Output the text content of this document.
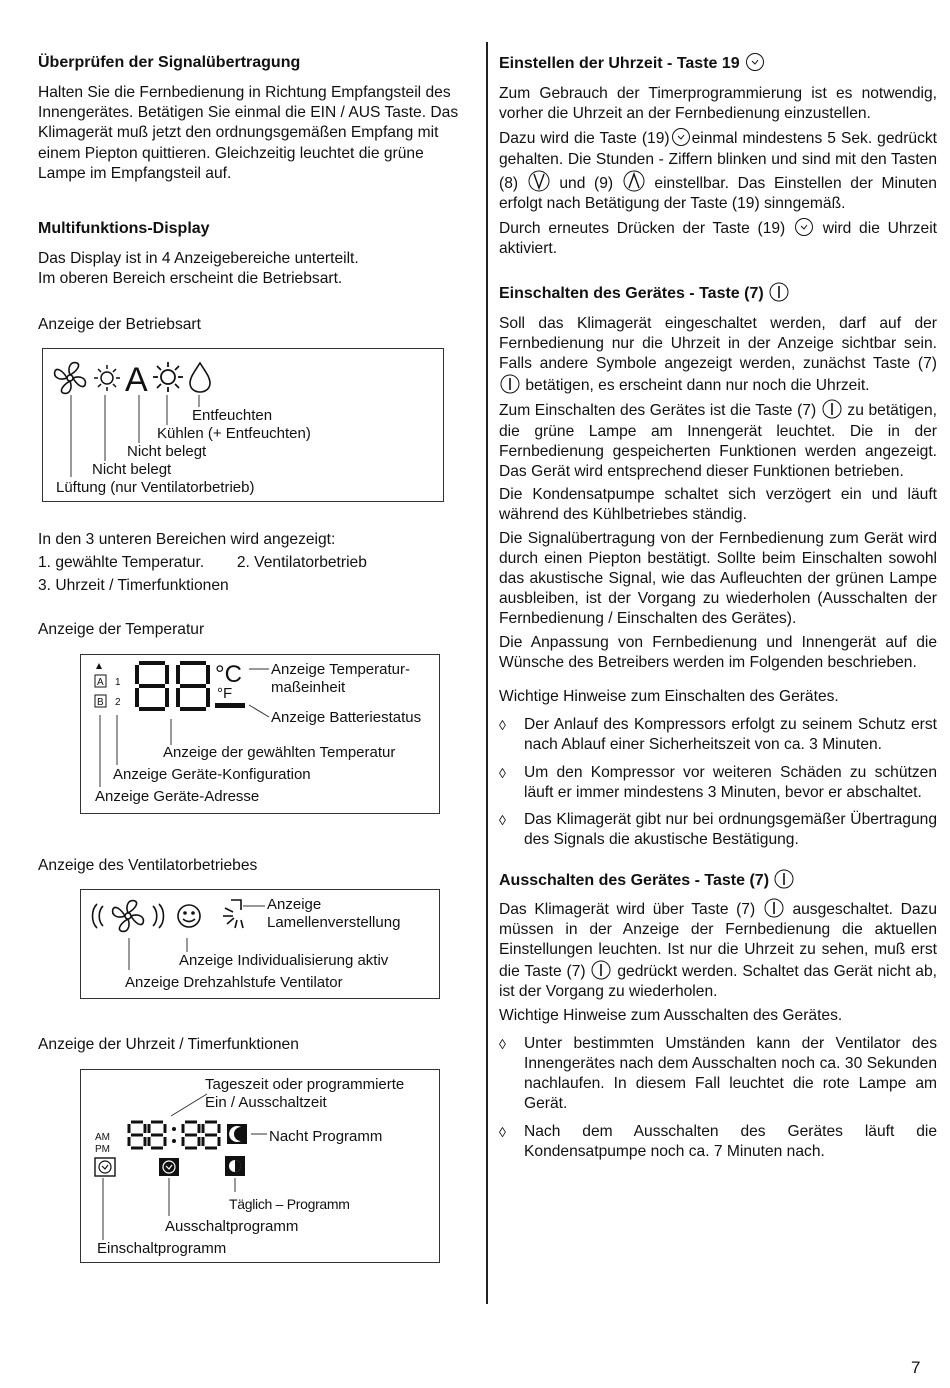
Überprüfen der Signalübertragung

Halten Sie die Fernbedienung in Richtung Empfangsteil des Innengerätes. Betätigen Sie einmal die EIN / AUS Taste. Das Klimagerät muß jetzt den ordnungsgemäßen Empfang mit einem Piepton quittieren. Gleichzeitig leuchtet die grüne Lampe im Empfangsteil auf.

Multifunktions-Display

Das Display ist in 4 Anzeigebereiche unterteilt.

Im oberen Bereich erscheint die Betriebsart.

Anzeige der Betriebsart

A
Entfeuchten
Kühlen (+ Entfeuchten)
Nicht belegt
Nicht belegt
Lüftung (nur Ventilatorbetrieb)

In den 3 unteren Bereichen wird angezeigt:

1. gewählte Temperatur. 2. Ventilatorbetrieb

3. Uhrzeit / Timerfunktionen

Anzeige der Temperatur

A
B
1
2
°C
°F
Anzeige Temperatur-
maßeinheit
Anzeige Batteriestatus
Anzeige der gewählten Temperatur
Anzeige Geräte-Konfiguration
Anzeige Geräte-Adresse

Anzeige des Ventilatorbetriebes

Anzeige
Lamellenverstellung
Anzeige Individualisierung aktiv
Anzeige Drehzahlstufe Ventilator

Anzeige der Uhrzeit / Timerfunktionen

AM
PM
Tageszeit oder programmierte
Ein / Ausschaltzeit
Nacht Programm
Täglich – Programm
Ausschaltprogramm
Einschaltprogramm
Einstellen der Uhrzeit - Taste 19

Zum Gebrauch der Timerprogrammierung ist es notwendig, vorher die Uhrzeit an der Fernbedienung einzustellen.

Dazu wird die Taste (19) einmal mindestens 5 Sek. gedrückt gehalten. Die Stunden - Ziffern blinken und sind mit den Tasten (8)	und (9)	einstellbar. Das Einstellen der Minuten erfolgt nach Betätigung der Taste (19) sinngemäß.

Durch erneutes Drücken der Taste (19) wird die Uhrzeit aktiviert.

Einschalten des Gerätes - Taste (7)

Soll das Klimagerät eingeschaltet werden, darf auf der Fernbedienung nur die Uhrzeit in der Anzeige sichtbar sein. Falls andere Symbole angezeigt werden, zunächst Taste (7)  betätigen, es erscheint dann nur noch die Uhrzeit.

Zum Einschalten des Gerätes ist die Taste (7) zu betätigen, die grüne Lampe am Innengerät leuchtet. Die in der Fernbedienung gespeicherten Funktionen werden angezeigt. Das Gerät wird entsprechend dieser Funktionen betrieben.

Die Kondensatpumpe schaltet sich verzögert ein und läuft während des Kühlbetriebes ständig.

Die Signalübertragung von der Fernbedienung zum Gerät wird durch einen Piepton bestätigt. Sollte beim Einschalten sowohl das akustische Signal, wie das Aufleuchten der grünen Lampe ausbleiben, ist der Vorgang zu wiederholen (Ausschalten der Fernbedienung / Einschalten des Gerätes).

Die Anpassung von Fernbedienung und Innengerät auf die Wünsche des Betreibers werden im Folgenden beschrieben.

Wichtige Hinweise zum Einschalten des Gerätes.

◊	Der Anlauf des Kompressors erfolgt zu seinem Schutz erst nach Ablauf einer Sicherheitszeit von ca. 3 Minuten.
◊	Um den Kompressor vor weiteren Schäden zu schützen läuft er immer mindestens 3 Minuten, bevor er abschaltet.
◊	Das Klimagerät gibt nur bei ordnungsgemäßer Übertragung des Signals die akustische Bestätigung.
Ausschalten des Gerätes - Taste (7)

Das Klimagerät wird über Taste (7) ausgeschaltet. Dazu müssen in der Anzeige der Fernbedienung die aktuellen Einstellungen leuchten. Ist nur die Uhrzeit zu sehen, muß erst die Taste (7) gedrückt werden. Schaltet das Gerät nicht ab, ist der Vorgang zu wiederholen.

Wichtige Hinweise zum Ausschalten des Gerätes.

◊	Unter bestimmten Umständen kann der Ventilator des Innengerätes nach dem Ausschalten noch ca. 30 Sekunden nachlaufen. In diesem Fall leuchtet die rote Lampe am Gerät.
◊	Nach dem Ausschalten des Gerätes läuft die Kondensatpumpe noch ca. 7 Minuten nach.
7
